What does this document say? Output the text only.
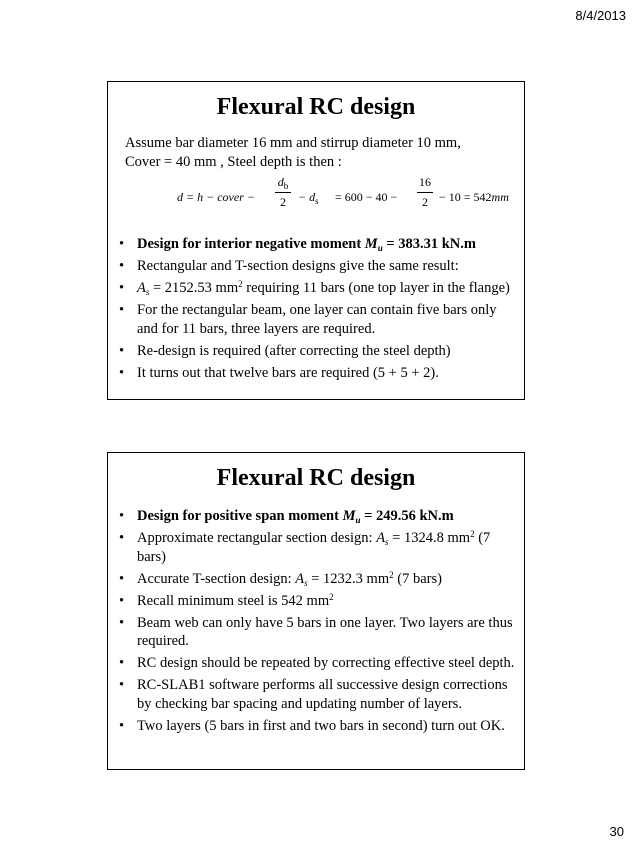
8/4/2013
Flexural RC design
Assume bar diameter 16 mm and stirrup diameter 10 mm,
Cover = 40 mm , Steel depth is then :
d = h − cover −
$d_b$
2	− $d_s = 600 - 40$ −
16
2 − 10 = 542mm
• Design for interior negative moment $M_u = 383.31$ kN.m
• Rectangular and T-section designs give the same result:
• $A_s = 2152.53$ $mm^2$ requiring 11 bars (one top layer in the flange)
• For the rectangular beam, one layer can contain five bars only and for 11 bars, three layers are required.
• Re-design is required (after correcting the steel depth)
• It turns out that twelve bars are required (5 + 5 + 2).
Flexural RC design
• Design for positive span moment $M_u = 249.56$ kN.m
• Approximate rectangular section design: $A_s = 1324.8$ $mm^2$ (7 bars)
• Accurate T-section design: $A_s = 1232.3$ $mm^2$ (7 bars)
• Recall minimum steel is 542 $mm^2$
• Beam web can only have 5 bars in one layer. Two layers are thus required.
• RC design should be repeated by correcting effective steel depth.
• RC-SLAB1 software performs all successive design corrections by checking bar spacing and updating number of layers.
• Two layers (5 bars in first and two bars in second) turn out OK.
30
